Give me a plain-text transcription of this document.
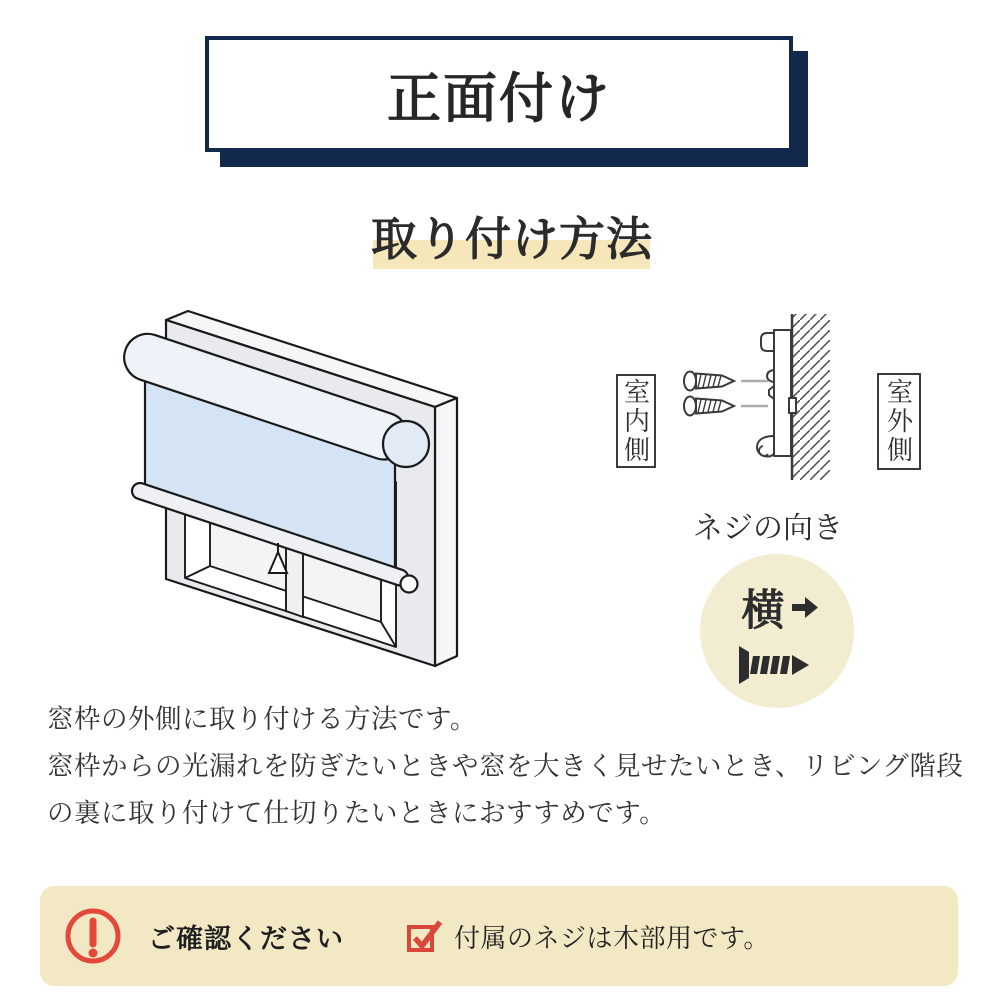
正面付け
取り付け方法
室内側	室外側
ネジの向き
横
窓枠の外側に取り付ける方法です。
窓枠からの光漏れを防ぎたいときや窓を大きく見せたいとき、リビング階段
の裏に取り付けて仕切りたいときにおすすめです。
ご確認ください	付属のネジは木部用です。
